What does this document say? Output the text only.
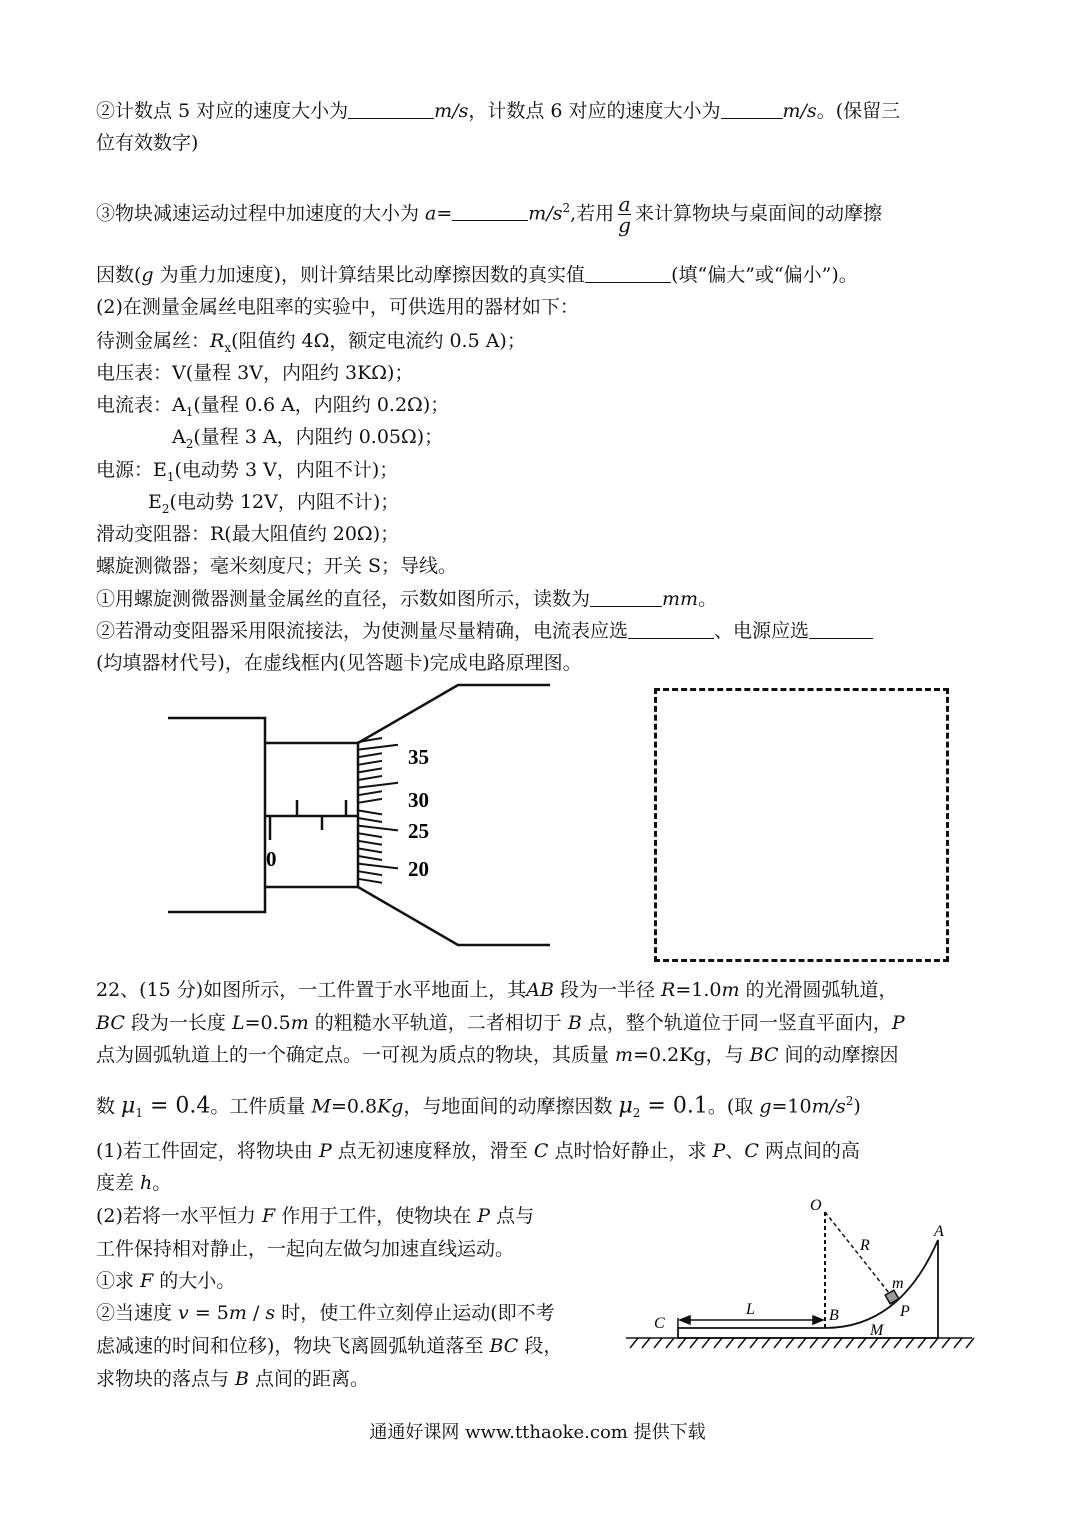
②计数点 5 对应的速度大小为	m/s，计数点 6 对应的速度大小为	m/s。(保留三
位有效数字)
③物块减速运动过程中加速度的大小为 a=	$m/s^2$,若用 $\frac{a}{g}$ 来计算物块与桌面间的动摩擦
因数(g 为重力加速度)，则计算结果比动摩擦因数的真实值	(填“偏大”或“偏小”)。
(2)在测量金属丝电阻率的实验中，可供选用的器材如下：
待测金属丝：$R_x$(阻值约 4Ω，额定电流约 0.5 A)；
电压表：V(量程 3V，内阻约 3KΩ)；
电流表：$A_1$(量程 0.6 A，内阻约 0.2Ω)；
$A_2$(量程 3 A，内阻约 0.05Ω)；
电源：$E_1$(电动势 3 V，内阻不计)；
$E_2$(电动势 12V，内阻不计)；
滑动变阻器：R(最大阻值约 20Ω)；
螺旋测微器；毫米刻度尺；开关 S；导线。
①用螺旋测微器测量金属丝的直径，示数如图所示，读数为	mm。
②若滑动变阻器采用限流接法，为使测量尽量精确，电流表应选	、电源应选
(均填器材代号)，在虚线框内(见答题卡)完成电路原理图。
35
30
25
20
0
22、(15 分)如图所示，一工件置于水平地面上，其AB 段为一半径 R=1.0m 的光滑圆弧轨道，
BC 段为一长度 L=0.5m 的粗糙水平轨道，二者相切于 B 点，整个轨道位于同一竖直平面内，P
点为圆弧轨道上的一个确定点。一可视为质点的物块，其质量 m=0.2Kg，与 BC 间的动摩擦因
数 $\mu_1 = 0.4$。工件质量 M=0.8Kg，与地面间的动摩擦因数 $\mu_2 = 0.1$。(取 $g=10m/s^2$)
(1)若工件固定，将物块由 P 点无初速度释放，滑至 C 点时恰好静止，求 P、C 两点间的高
度差 h。
(2)若将一水平恒力 F 作用于工件，使物块在 P 点与
工件保持相对静止，一起向左做匀加速直线运动。
①求 F 的大小。
②当速度 v = 5m / s 时，使工件立刻停止运动(即不考
虑减速的时间和位移)，物块飞离圆弧轨道落至 BC 段，
求物块的落点与 B 点间的距离。
O
R
A
m
P
B
L
C	M
通通好课网 www.tthaoke.com 提供下载
